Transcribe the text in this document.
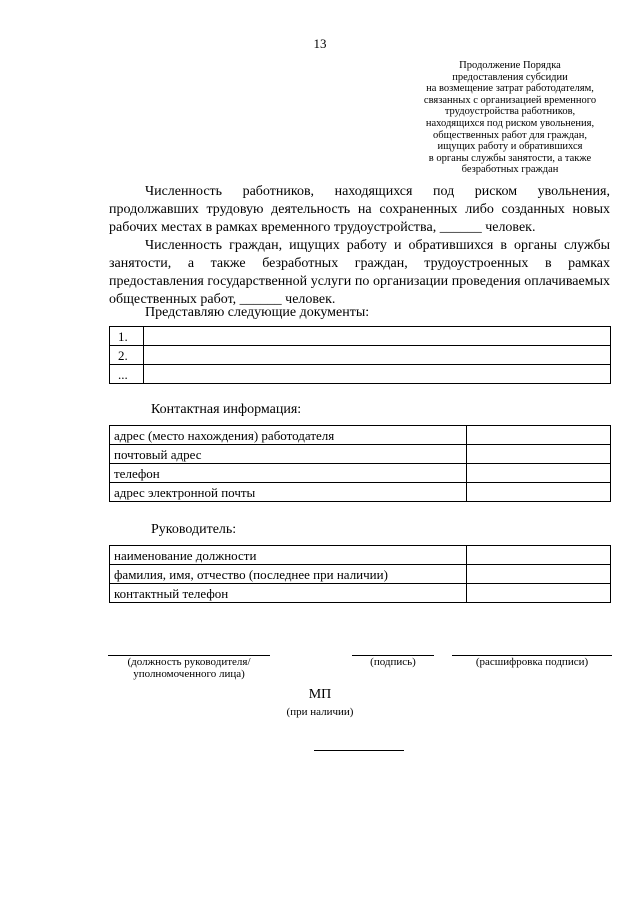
13
Продолжение Порядка
предоставления субсидии
на возмещение затрат работодателям,
связанных с организацией временного
трудоустройства работников,
находящихся под риском увольнения,
общественных работ для граждан,
ищущих работу и обратившихся
в органы службы занятости, а также
безработных граждан

Численность работников, находящихся под риском увольнения, продолжавших трудовую деятельность на сохраненных либо созданных новых рабочих местах в рамках временного трудоустройства, ______ человек.

Численность граждан, ищущих работу и обратившихся в органы службы занятости, а также безработных граждан, трудоустроенных в рамках предоставления государственной услуги по организации проведения оплачиваемых общественных работ, ______ человек.

Представляю следующие документы:
1.	
2.	
...	
Контактная информация:
адрес (место нахождения) работодателя	
почтовый адрес	
телефон	
адрес электронной почты	
Руководитель:
наименование должности	
фамилия, имя, отчество (последнее при наличии)	
контактный телефон	
(должность руководителя/
уполномоченного лица)
(подпись)	(расшифровка подписи)
МП
(при наличии)
